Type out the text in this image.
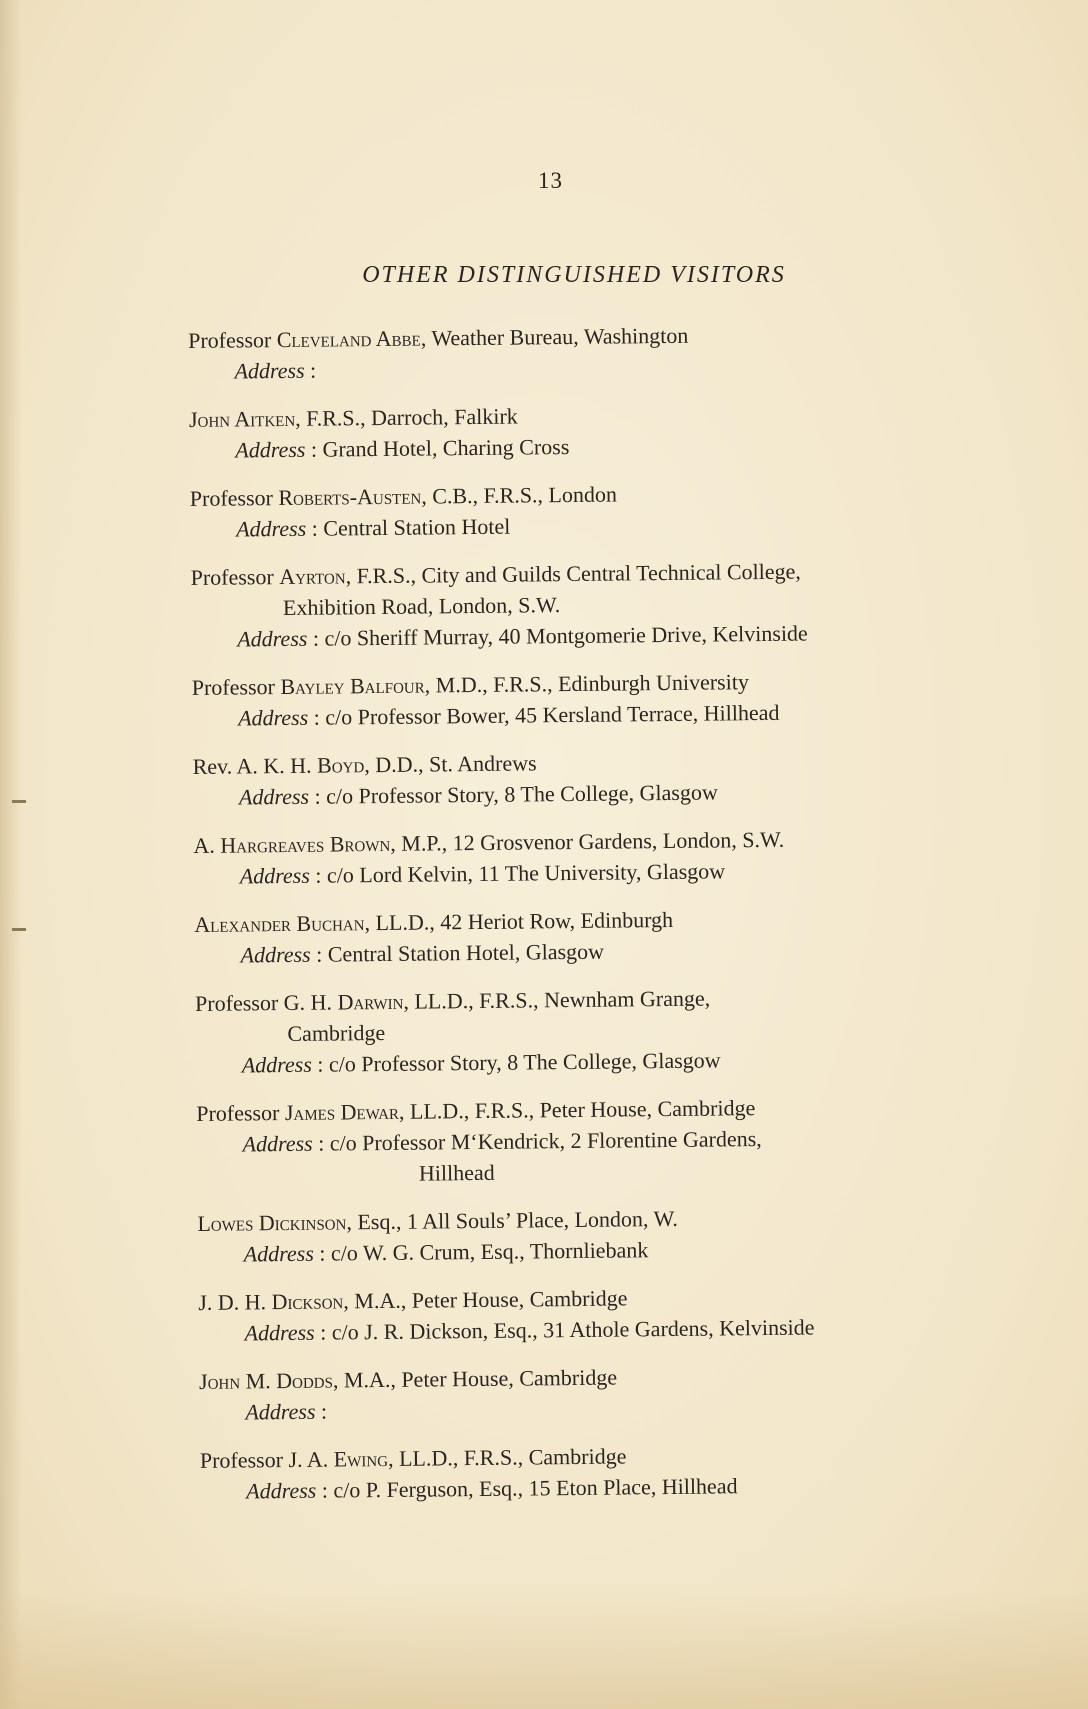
13
OTHER DISTINGUISHED VISITORS
Professor Cleveland Abbe, Weather Bureau, Washington
Address :
John Aitken, F.R.S., Darroch, Falkirk
Address : Grand Hotel, Charing Cross
Professor Roberts-Austen, C.B., F.R.S., London
Address : Central Station Hotel
Professor Ayrton, F.R.S., City and Guilds Central Technical College,
Exhibition Road, London, S.W.
Address : c/o Sheriff Murray, 40 Montgomerie Drive, Kelvinside
Professor Bayley Balfour, M.D., F.R.S., Edinburgh University
Address : c/o Professor Bower, 45 Kersland Terrace, Hillhead
Rev. A. K. H. Boyd, D.D., St. Andrews
Address : c/o Professor Story, 8 The College, Glasgow
A. Hargreaves Brown, M.P., 12 Grosvenor Gardens, London, S.W.
Address : c/o Lord Kelvin, 11 The University, Glasgow
Alexander Buchan, LL.D., 42 Heriot Row, Edinburgh
Address : Central Station Hotel, Glasgow
Professor G. H. Darwin, LL.D., F.R.S., Newnham Grange,
Cambridge
Address : c/o Professor Story, 8 The College, Glasgow
Professor James Dewar, LL.D., F.R.S., Peter House, Cambridge
Address : c/o Professor M‘Kendrick, 2 Florentine Gardens,
Hillhead
Lowes Dickinson, Esq., 1 All Souls’ Place, London, W.
Address : c/o W. G. Crum, Esq., Thornliebank
J. D. H. Dickson, M.A., Peter House, Cambridge
Address : c/o J. R. Dickson, Esq., 31 Athole Gardens, Kelvinside
John M. Dodds, M.A., Peter House, Cambridge
Address :
Professor J. A. Ewing, LL.D., F.R.S., Cambridge
Address : c/o P. Ferguson, Esq., 15 Eton Place, Hillhead
